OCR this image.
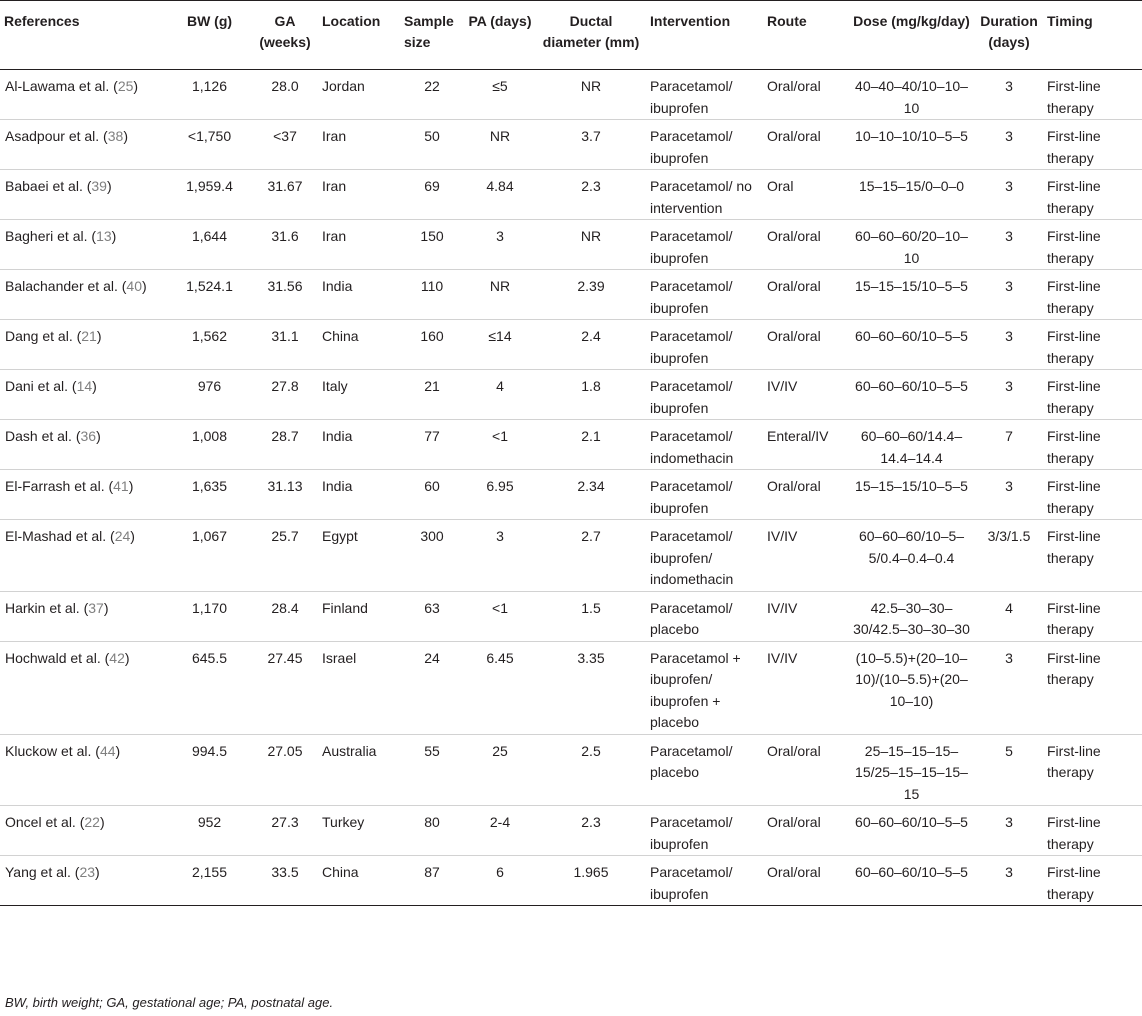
References	BW (g)	GA (weeks)	Location	Sample size	PA (days)	Ductal diameter (mm)	Intervention	Route	Dose (mg/kg/day)	Duration (days)	Timing
Al-Lawama et al. (25)	1,126	28.0	Jordan	22	≤5	NR	Paracetamol/ ibuprofen	Oral/oral	40–40–40/10–10–10	3	First-line therapy
Asadpour et al. (38)	<1,750	<37	Iran	50	NR	3.7	Paracetamol/ ibuprofen	Oral/oral	10–10–10/10–5–5	3	First-line therapy
Babaei et al. (39)	1,959.4	31.67	Iran	69	4.84	2.3	Paracetamol/ no intervention	Oral	15–15–15/0–0–0	3	First-line therapy
Bagheri et al. (13)	1,644	31.6	Iran	150	3	NR	Paracetamol/ ibuprofen	Oral/oral	60–60–60/20–10–10	3	First-line therapy
Balachander et al. (40)	1,524.1	31.56	India	110	NR	2.39	Paracetamol/ ibuprofen	Oral/oral	15–15–15/10–5–5	3	First-line therapy
Dang et al. (21)	1,562	31.1	China	160	≤14	2.4	Paracetamol/ ibuprofen	Oral/oral	60–60–60/10–5–5	3	First-line therapy
Dani et al. (14)	976	27.8	Italy	21	4	1.8	Paracetamol/ ibuprofen	IV/IV	60–60–60/10–5–5	3	First-line therapy
Dash et al. (36)	1,008	28.7	India	77	<1	2.1	Paracetamol/ indomethacin	Enteral/IV	60–60–60/14.4–14.4–14.4	7	First-line therapy
El-Farrash et al. (41)	1,635	31.13	India	60	6.95	2.34	Paracetamol/ ibuprofen	Oral/oral	15–15–15/10–5–5	3	First-line therapy
El-Mashad et al. (24)	1,067	25.7	Egypt	300	3	2.7	Paracetamol/ ibuprofen/ indomethacin	IV/IV	60–60–60/10–5–5/0.4–0.4–0.4	3/3/1.5	First-line therapy
Harkin et al. (37)	1,170	28.4	Finland	63	<1	1.5	Paracetamol/ placebo	IV/IV	42.5–30–30–30/42.5–30–30–30	4	First-line therapy
Hochwald et al. (42)	645.5	27.45	Israel	24	6.45	3.35	Paracetamol + ibuprofen/ ibuprofen + placebo	IV/IV	(10–5.5)+(20–10–10)/(10–5.5)+(20–10–10)	3	First-line therapy
Kluckow et al. (44)	994.5	27.05	Australia	55	25	2.5	Paracetamol/ placebo	Oral/oral	25–15–15–15–15/25–15–15–15–15	5	First-line therapy
Oncel et al. (22)	952	27.3	Turkey	80	2-4	2.3	Paracetamol/ ibuprofen	Oral/oral	60–60–60/10–5–5	3	First-line therapy
Yang et al. (23)	2,155	33.5	China	87	6	1.965	Paracetamol/ ibuprofen	Oral/oral	60–60–60/10–5–5	3	First-line therapy
BW, birth weight; GA, gestational age; PA, postnatal age.
